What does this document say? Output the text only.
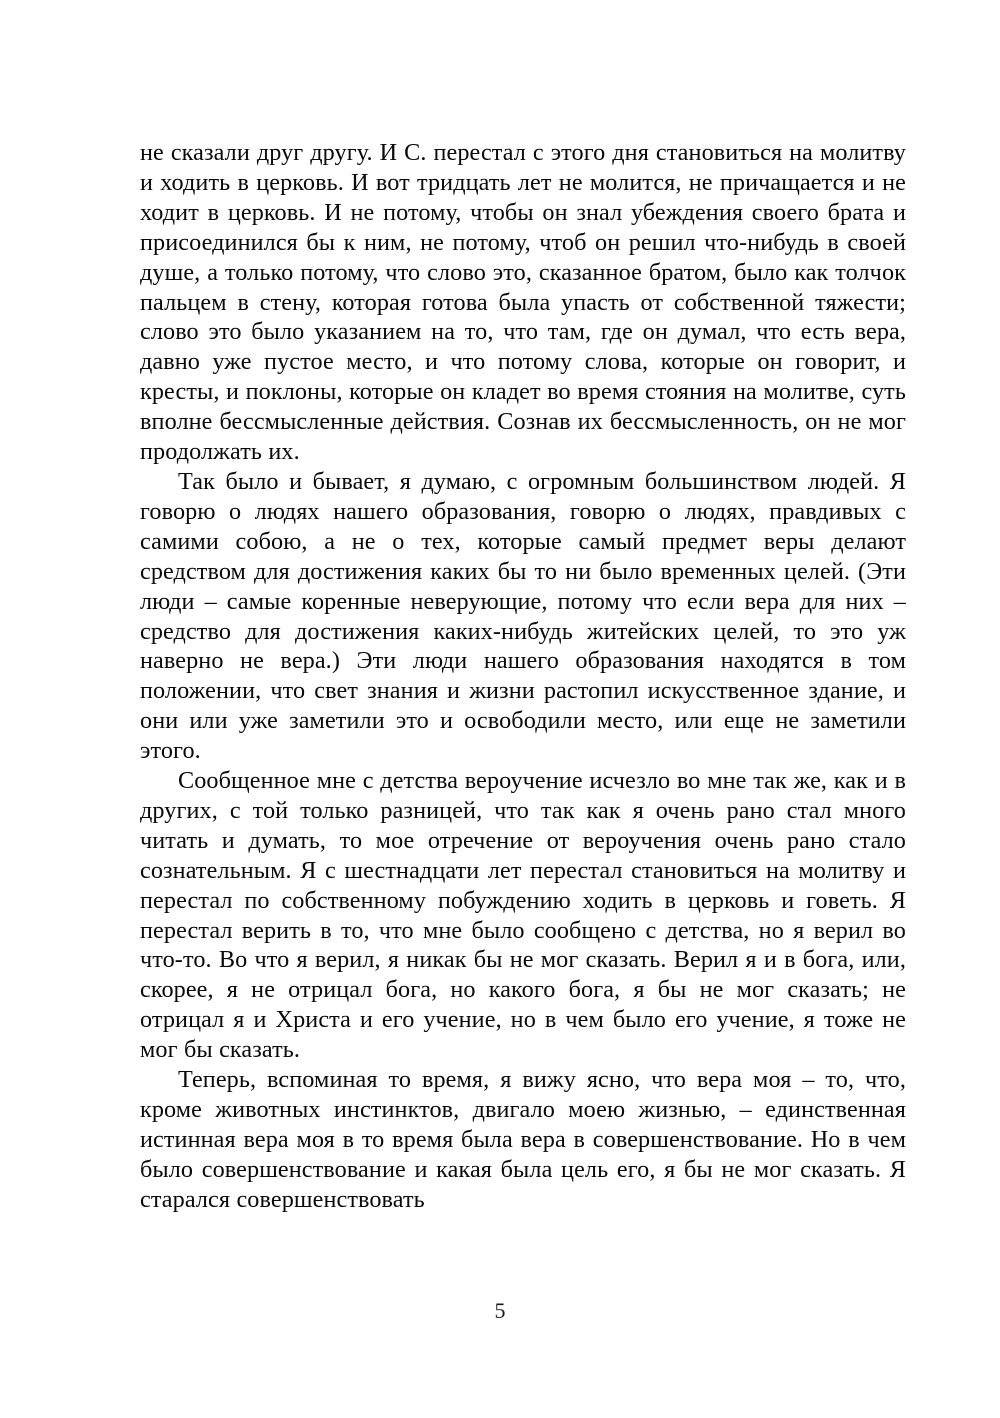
не сказали друг другу. И С. перестал с этого дня становиться на молитву и ходить в церковь. И вот тридцать лет не молится, не причащается и не ходит в церковь. И не потому, чтобы он знал убеждения своего брата и присоединился бы к ним, не потому, чтоб он решил что-нибудь в своей душе, а только потому, что слово это, сказанное братом, было как толчок пальцем в стену, которая готова была упасть от собственной тяжести; слово это было указанием на то, что там, где он думал, что есть вера, давно уже пустое место, и что потому слова, которые он говорит, и кресты, и поклоны, которые он кладет во время стояния на молитве, суть вполне бессмысленные действия. Сознав их бессмысленность, он не мог продолжать их.

Так было и бывает, я думаю, с огромным большинством людей. Я говорю о людях нашего образования, говорю о людях, правдивых с самими собою, а не о тех, которые самый предмет веры делают средством для достижения каких бы то ни было временных целей. (Эти люди – самые коренные неверующие, потому что если вера для них – средство для достижения каких-нибудь житейских целей, то это уж наверно не вера.) Эти люди нашего образования находятся в том положении, что свет знания и жизни растопил искусственное здание, и они или уже заметили это и освободили место, или еще не заметили этого.

Сообщенное мне с детства вероучение исчезло во мне так же, как и в других, с той только разницей, что так как я очень рано стал много читать и думать, то мое отречение от вероучения очень рано стало сознательным. Я с шестнадцати лет перестал становиться на молитву и перестал по собственному побуждению ходить в церковь и говеть. Я перестал верить в то, что мне было сообщено с детства, но я верил во что-то. Во что я верил, я никак бы не мог сказать. Верил я и в бога, или, скорее, я не отрицал бога, но какого бога, я бы не мог сказать; не отрицал я и Христа и его учение, но в чем было его учение, я тоже не мог бы сказать.

Теперь, вспоминая то время, я вижу ясно, что вера моя – то, что, кроме животных инстинктов, двигало моею жизнью, – единственная истинная вера моя в то время была вера в совершенствование. Но в чем было совершенствование и какая была цель его, я бы не мог сказать. Я старался совершенствовать

5
